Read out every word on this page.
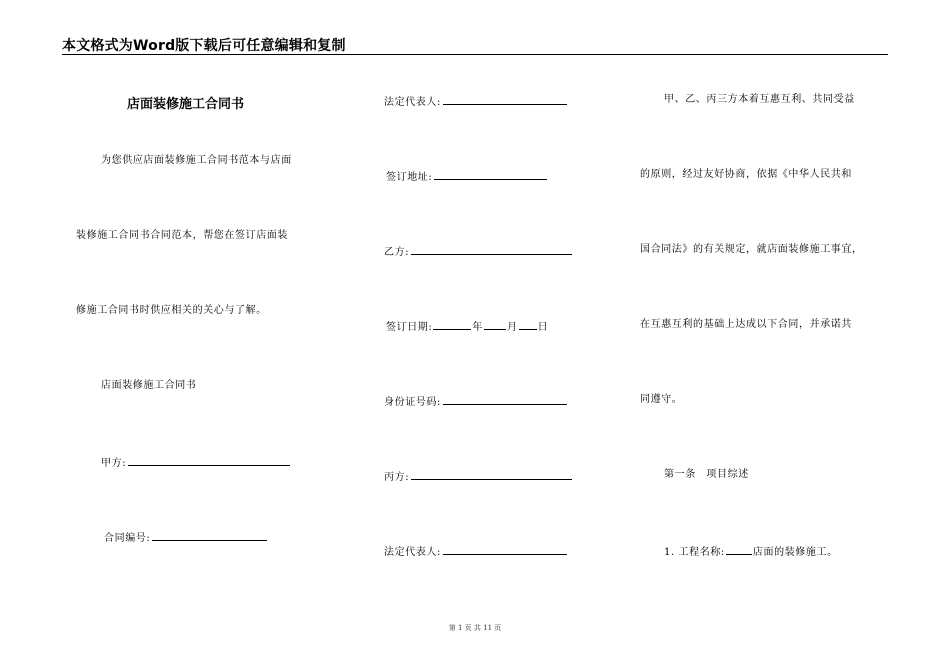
本文格式为Word版下载后可任意编辑和复制
店面装修施工合同书
为您供应店面装修施工合同书范本与店面
装修施工合同书合同范本，帮您在签订店面装
修施工合同书时供应相关的关心与了解。
店面装修施工合同书
甲方:
合同编号:
法定代表人:
签订地址:
乙方:
签订日期:	年 月 日
身份证号码:
丙方:
法定代表人:
甲、乙、丙三方本着互惠互利、共同受益
的原则，经过友好协商，依据《中华人民共和
国合同法》的有关规定，就店面装修施工事宜，
在互惠互利的基础上达成以下合同，并承诺共
同遵守。
第一条　项目综述
1. 工程名称:	店面的装修施工。
第 1 页 共 11 页
